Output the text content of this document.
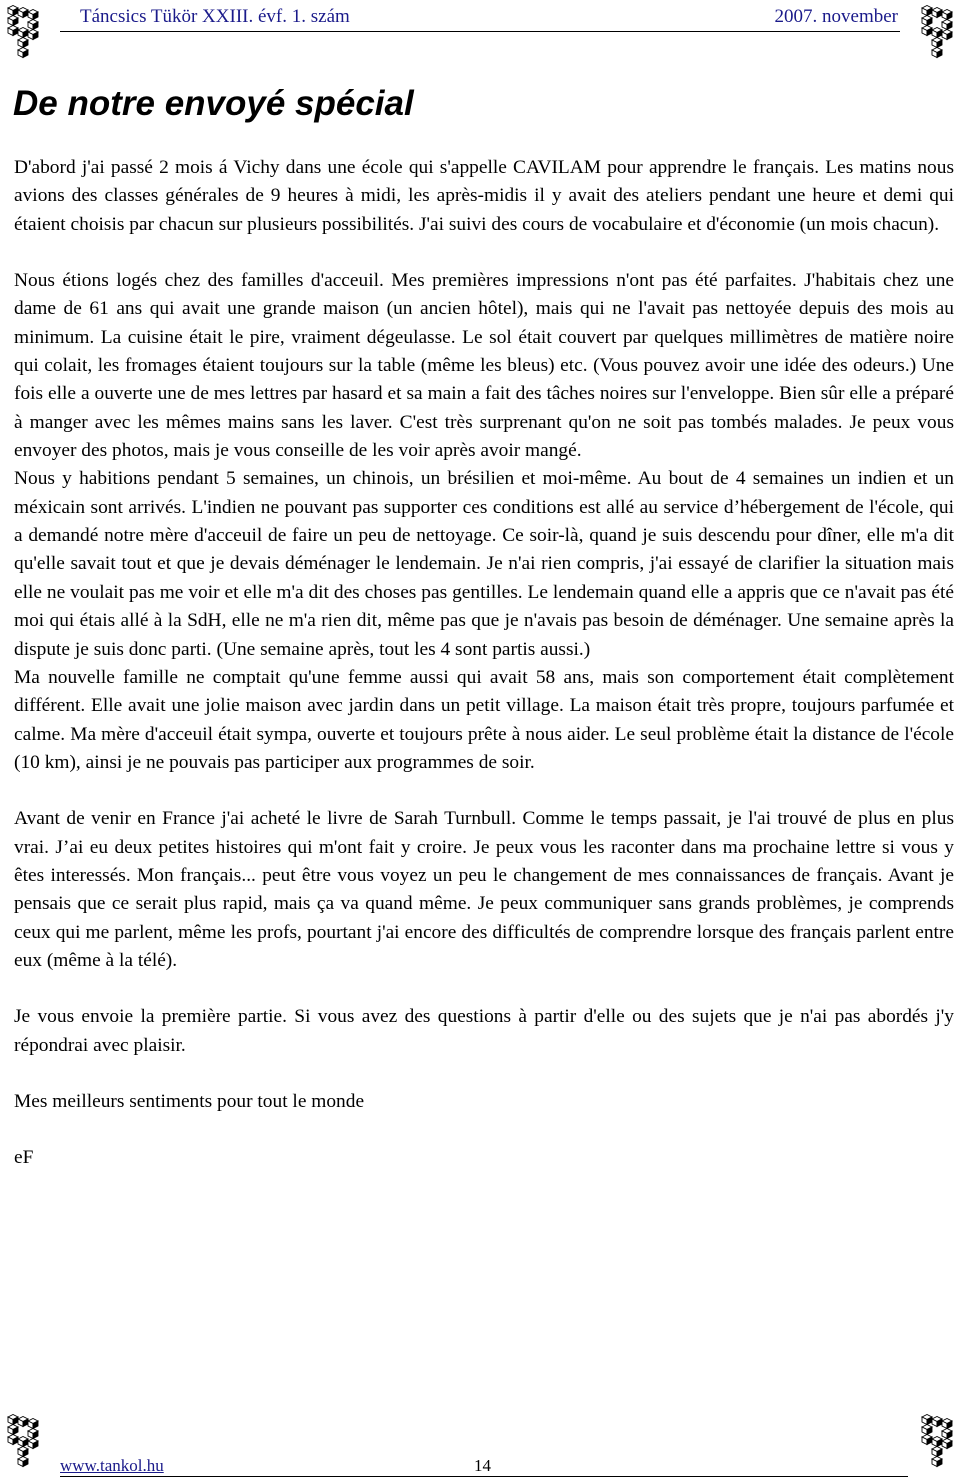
Táncsics Tükör XXIII. évf. 1. szám	2007. november
De notre envoyé spécial

D'abord j'ai passé 2 mois á Vichy dans une école qui s'appelle CAVILAM pour apprendre le français. Les matins nous avions des classes générales de 9 heures à midi, les après-midis il y avait des ateliers pendant une heure et demi qui étaient choisis par chacun sur plusieurs possibilités. J'ai suivi des cours de vocabulaire et d'économie (un mois chacun).

Nous étions logés chez des familles d'acceuil. Mes premières impressions n'ont pas été parfaites. J'habitais chez une dame de 61 ans qui avait une grande maison (un ancien hôtel), mais qui ne l'avait pas nettoyée depuis des mois au minimum. La cuisine était le pire, vraiment dégeulasse. Le sol était couvert par quelques millimètres de matière noire qui colait, les fromages étaient toujours sur la table (même les bleus) etc. (Vous pouvez avoir une idée des odeurs.) Une fois elle a ouverte une de mes lettres par hasard et sa main a fait des tâches noires sur l'enveloppe. Bien sûr elle a préparé à manger avec les mêmes mains sans les laver. C'est très surprenant qu'on ne soit pas tombés malades. Je peux vous envoyer des photos, mais je vous conseille de les voir après avoir mangé.

Nous y habitions pendant 5 semaines, un chinois, un brésilien et moi-même. Au bout de 4 semaines un indien et un méxicain sont arrivés. L'indien ne pouvant pas supporter ces conditions est allé au service d’hébergement de l'école, qui a demandé notre mère d'acceuil de faire un peu de nettoyage. Ce soir-là, quand je suis descendu pour dîner, elle m'a dit qu'elle savait tout et que je devais déménager le lendemain. Je n'ai rien compris, j'ai essayé de clarifier la situation mais elle ne voulait pas me voir et elle m'a dit des choses pas gentilles. Le lendemain quand elle a appris que ce n'avait pas été moi qui étais allé à la SdH, elle ne m'a rien dit, même pas que je n'avais pas besoin de déménager. Une semaine après la dispute je suis donc parti. (Une semaine après, tout les 4 sont partis aussi.)

Ma nouvelle famille ne comptait qu'une femme aussi qui avait 58 ans, mais son comportement était complètement différent. Elle avait une jolie maison avec jardin dans un petit village. La maison était très propre, toujours parfumée et calme. Ma mère d'acceuil était sympa, ouverte et toujours prête à nous aider. Le seul problème était la distance de l'école (10 km), ainsi je ne pouvais pas participer aux programmes de soir.

Avant de venir en France j'ai acheté le livre de Sarah Turnbull. Comme le temps passait, je l'ai trouvé de plus en plus vrai. J’ai eu deux petites histoires qui m'ont fait y croire. Je peux vous les raconter dans ma prochaine lettre si vous y êtes interessés. Mon français... peut être vous voyez un peu le changement de mes connaissances de français. Avant je pensais que ce serait plus rapid, mais ça va quand même. Je peux communiquer sans grands problèmes, je comprends ceux qui me parlent, même les profs, pourtant j'ai encore des difficultés de comprendre lorsque des français parlent entre eux (même à la télé).

Je vous envoie la première partie. Si vous avez des questions à partir d'elle ou des sujets que je n'ai pas abordés j'y répondrai avec plaisir.

Mes meilleurs sentiments pour tout le monde

eF

www.tankol.hu	14
